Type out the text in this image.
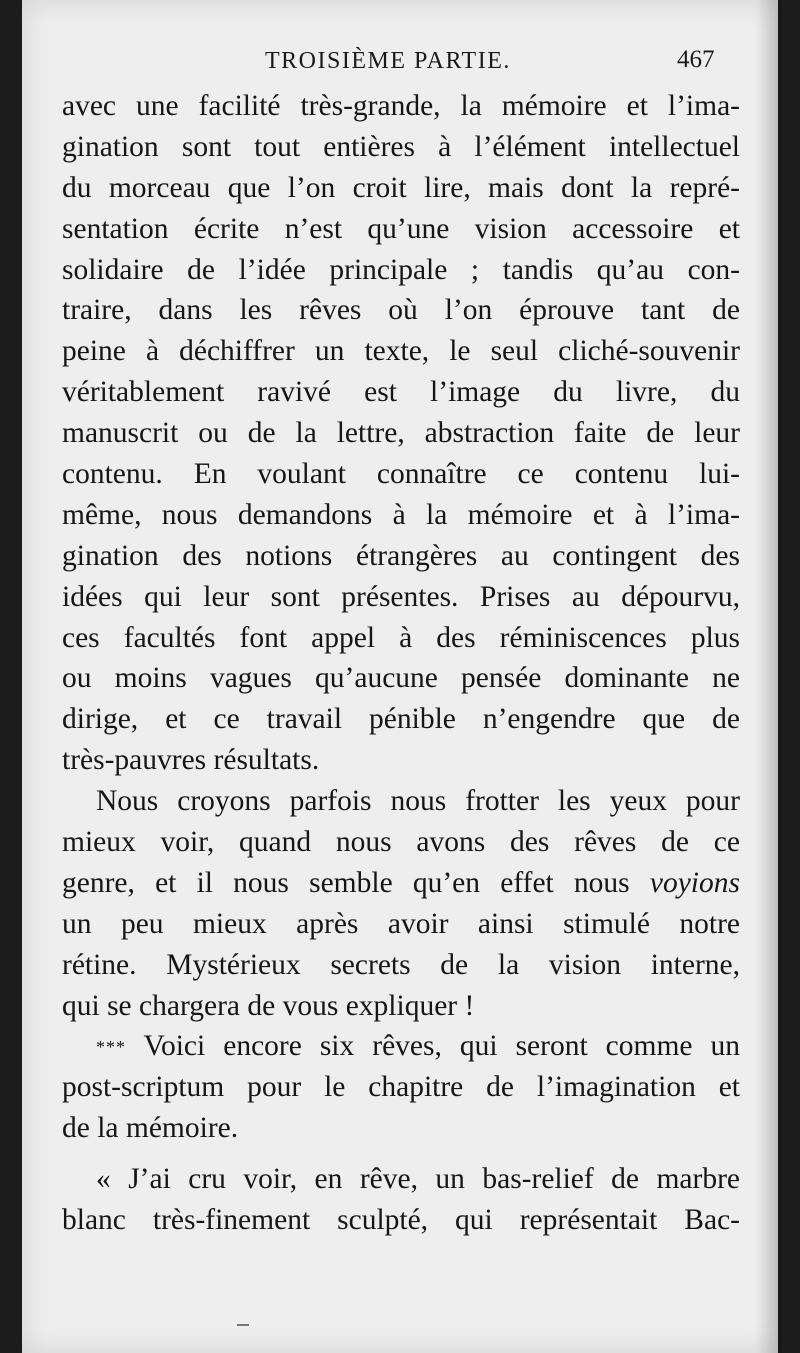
TROISIÈME PARTIE.	467
avec une facilité très-grande, la mémoire et l’ima-
gination sont tout entières à l’élément intellectuel
du morceau que l’on croit lire, mais dont la repré-
sentation écrite n’est qu’une vision accessoire et
solidaire de l’idée principale ; tandis qu’au con-
traire, dans les rêves où l’on éprouve tant de
peine à déchiffrer un texte, le seul cliché-souvenir
véritablement ravivé est l’image du livre, du
manuscrit ou de la lettre, abstraction faite de leur
contenu. En voulant connaître ce contenu lui-
même, nous demandons à la mémoire et à l’ima-
gination des notions étrangères au contingent des
idées qui leur sont présentes. Prises au dépourvu,
ces facultés font appel à des réminiscences plus
ou moins vagues qu’aucune pensée dominante ne
dirige, et ce travail pénible n’engendre que de
très-pauvres résultats.
Nous croyons parfois nous frotter les yeux pour
mieux voir, quand nous avons des rêves de ce
genre, et il nous semble qu’en effet nous voyions
un peu mieux après avoir ainsi stimulé notre
rétine. Mystérieux secrets de la vision interne,
qui se chargera de vous expliquer !
*** Voici encore six rêves, qui seront comme un
post-scriptum pour le chapitre de l’imagination et
de la mémoire.
« J’ai cru voir, en rêve, un bas-relief de marbre
blanc très-finement sculpté, qui représentait Bac-
